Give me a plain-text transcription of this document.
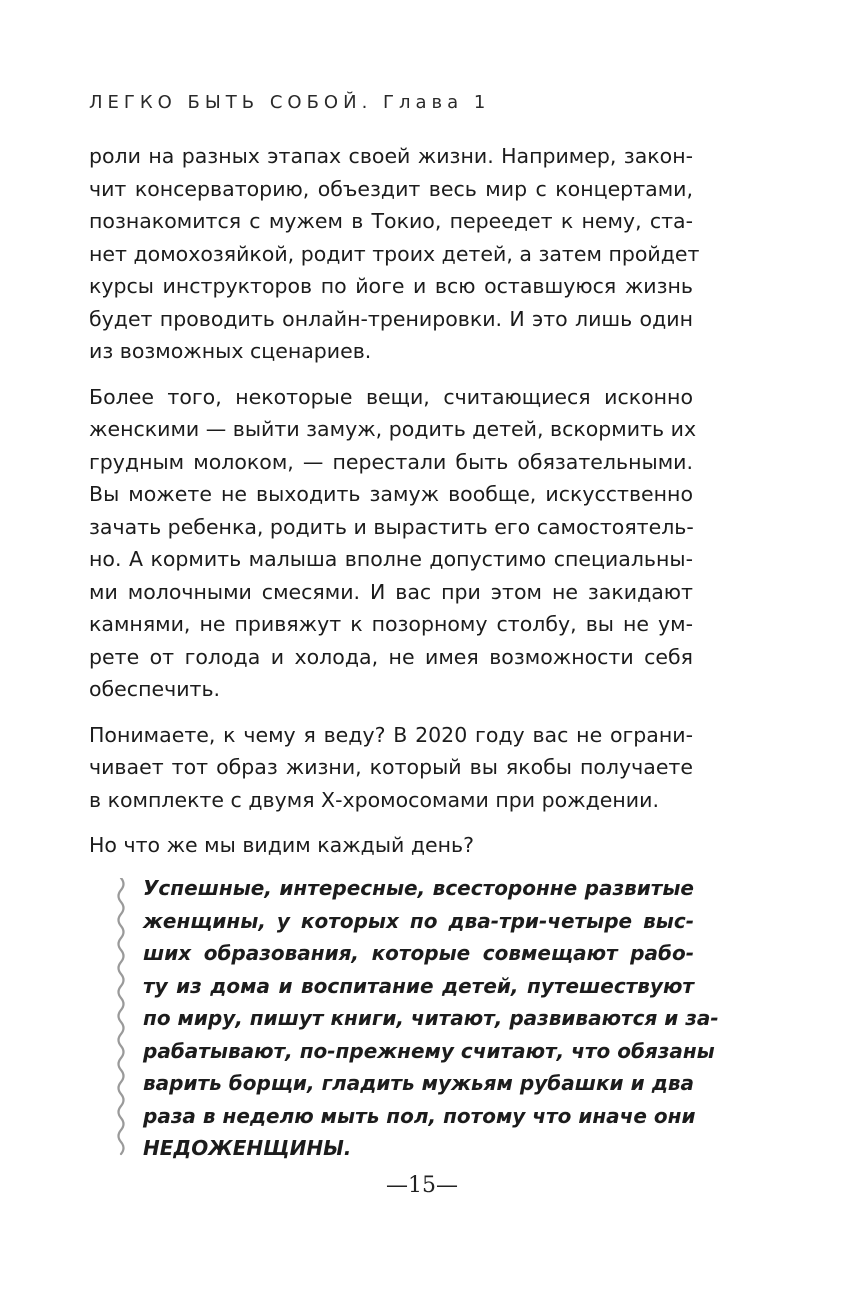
ЛЕГКО БЫТЬ СОБОЙ. Глава 1
роли на разных этапах своей жизни. Например, закон-
чит консерваторию, объездит весь мир с концертами,
познакомится с мужем в Токио, переедет к нему, ста-
нет домохозяйкой, родит троих детей, а затем пройдет
курсы инструкторов по йоге и всю оставшуюся жизнь
будет проводить онлайн-тренировки. И это лишь один
из возможных сценариев.
Более того, некоторые вещи, считающиеся исконно
женскими — выйти замуж, родить детей, вскормить их
грудным молоком, — перестали быть обязательными.
Вы можете не выходить замуж вообще, искусственно
зачать ребенка, родить и вырастить его самостоятель-
но. А кормить малыша вполне допустимо специальны-
ми молочными смесями. И вас при этом не закидают
камнями, не привяжут к позорному столбу, вы не ум-
рете от голода и холода, не имея возможности себя
обеспечить.
Понимаете, к чему я веду? В 2020 году вас не ограни-
чивает тот образ жизни, который вы якобы получаете
в комплекте с двумя Х-хромосомами при рождении.
Но что же мы видим каждый день?
Успешные, интересные, всесторонне развитые
женщины, у которых по два-три-четыре выс-
ших образования, которые совмещают рабо-
ту из дома и воспитание детей, путешествуют
по миру, пишут книги, читают, развиваются и за-
рабатывают, по-прежнему считают, что обязаны
варить борщи, гладить мужьям рубашки и два
раза в неделю мыть пол, потому что иначе они
НЕДОЖЕНЩИНЫ.
—15—
